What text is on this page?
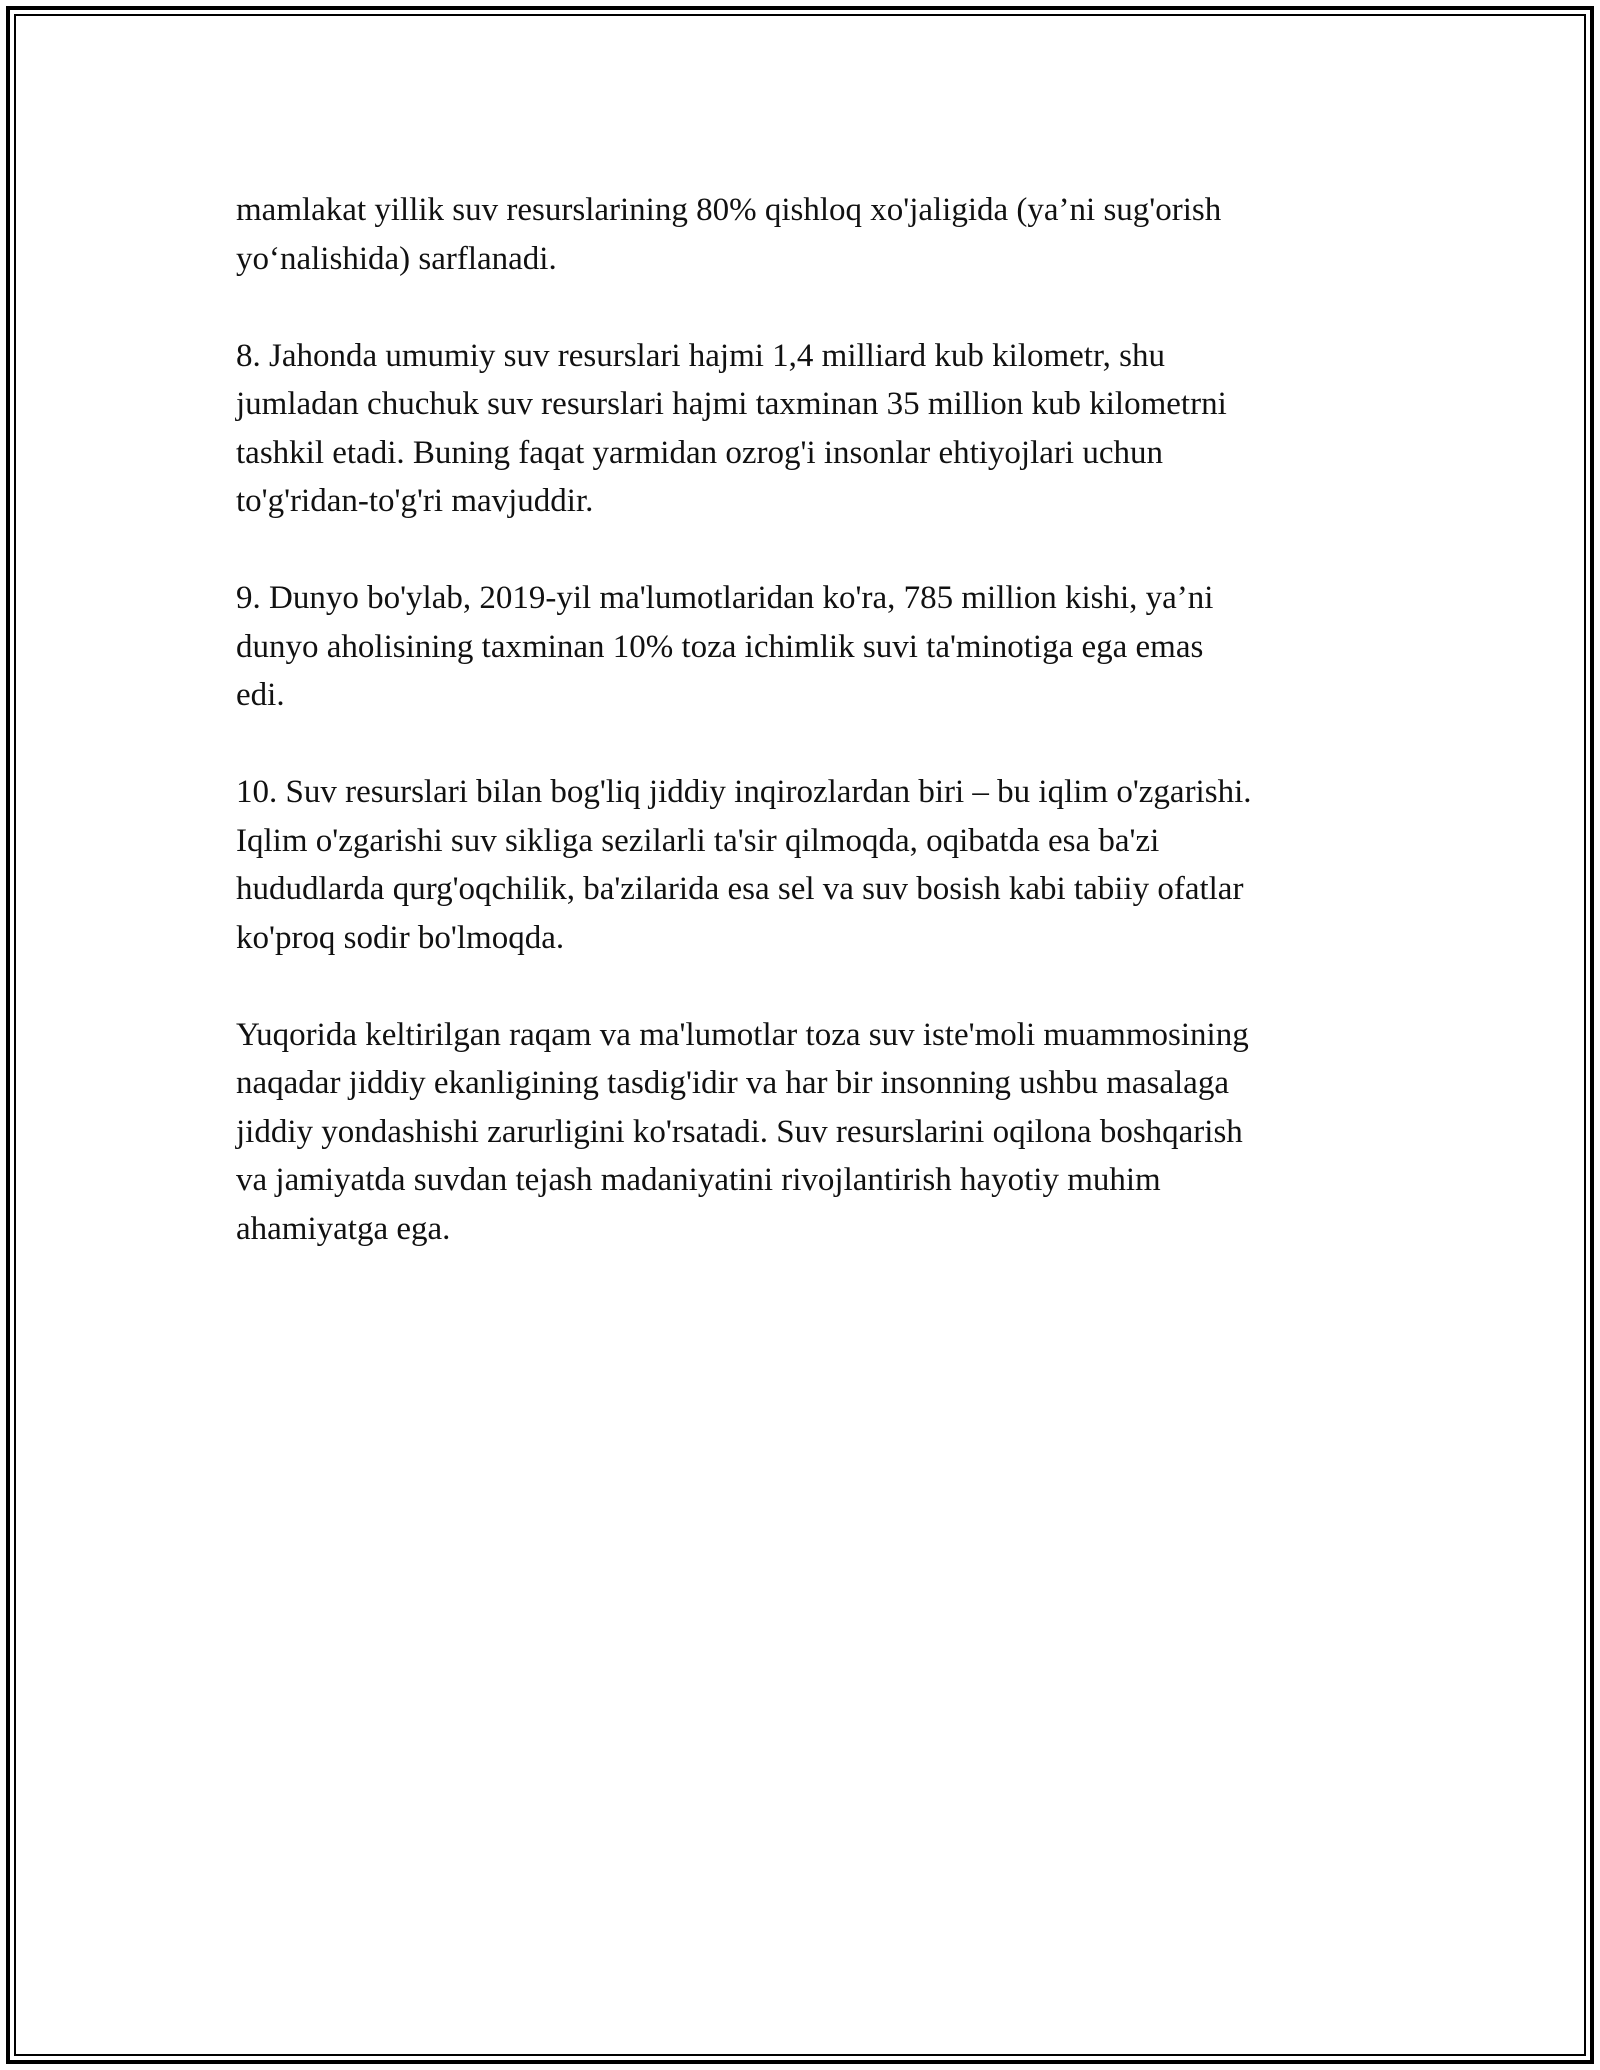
mamlakat yillik suv resurslarining 80% qishloq xo'jaligida (ya’ni sug'orish
yo‘nalishida) sarflanadi.

8. Jahonda umumiy suv resurslari hajmi 1,4 milliard kub kilometr, shu
jumladan chuchuk suv resurslari hajmi taxminan 35 million kub kilometrni
tashkil etadi. Buning faqat yarmidan ozrog'i insonlar ehtiyojlari uchun
to'g'ridan-to'g'ri mavjuddir.

9. Dunyo bo'ylab, 2019-yil ma'lumotlaridan ko'ra, 785 million kishi, ya’ni
dunyo aholisining taxminan 10% toza ichimlik suvi ta'minotiga ega emas
edi.

10. Suv resurslari bilan bog'liq jiddiy inqirozlardan biri – bu iqlim o'zgarishi.
Iqlim o'zgarishi suv sikliga sezilarli ta'sir qilmoqda, oqibatda esa ba'zi
hududlarda qurg'oqchilik, ba'zilarida esa sel va suv bosish kabi tabiiy ofatlar
ko'proq sodir bo'lmoqda.

Yuqorida keltirilgan raqam va ma'lumotlar toza suv iste'moli muammosining
naqadar jiddiy ekanligining tasdig'idir va har bir insonning ushbu masalaga
jiddiy yondashishi zarurligini ko'rsatadi. Suv resurslarini oqilona boshqarish
va jamiyatda suvdan tejash madaniyatini rivojlantirish hayotiy muhim
ahamiyatga ega.
